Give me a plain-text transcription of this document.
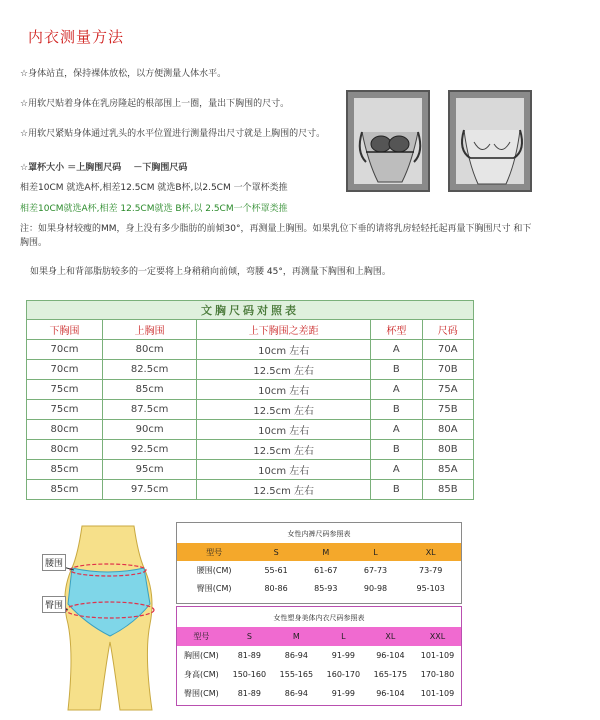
内衣测量方法
☆身体站直，保持裸体放松，以方便测量人体水平。
☆用软尺贴着身体在乳房隆起的根部围上一圈，量出下胸围的尺寸。
☆用软尺紧贴身体通过乳头的水平位置进行测量得出尺寸就是上胸围的尺寸。
☆罩杯大小 ＝上胸围尺码 　－下胸围尺码
相差10CM 就选A杯,相差12.5CM 就选B杯,以2.5CM 一个罩杯类推
相差10CM就选A杯,相差 12.5CM就选 B杯,以 2.5CM一个杯罩类推
注：如果身材较瘦的MM，身上没有多少脂肪的前倾30°，再测量上胸围。如果乳位下垂的请将乳房轻轻托起再量下胸围尺寸 和下胸围。
如果身上和背部脂肪较多的一定要将上身稍稍向前倾，弯腰 45°，再测量下胸围和上胸围。
文胸尺码对照表				
下胸围	上胸围	上下胸围之差距	杯型	尺码
70cm	80cm	10cm 左右	A	70A
70cm	82.5cm	12.5cm 左右	B	70B
75cm	85cm	10cm 左右	A	75A
75cm	87.5cm	12.5cm 左右	B	75B
80cm	90cm	10cm 左右	A	80A
80cm	92.5cm	12.5cm 左右	B	80B
85cm	95cm	10cm 左右	A	85A
85cm	97.5cm	12.5cm 左右	B	85B
腰围
臀围
女性内裤尺码参照表
型号	S	M	L	XL
腰围(CM)	55-61	61-67	67-73	73-79
臀围(CM)	80-86	85-93	90-98	95-103
女性塑身美体内衣尺码参照表
型号	S	M	L	XL	XXL
胸围(CM)	81-89	86-94	91-99	96-104	101-109
身高(CM)	150-160	155-165	160-170	165-175	170-180
臀围(CM)	81-89	86-94	91-99	96-104	101-109
